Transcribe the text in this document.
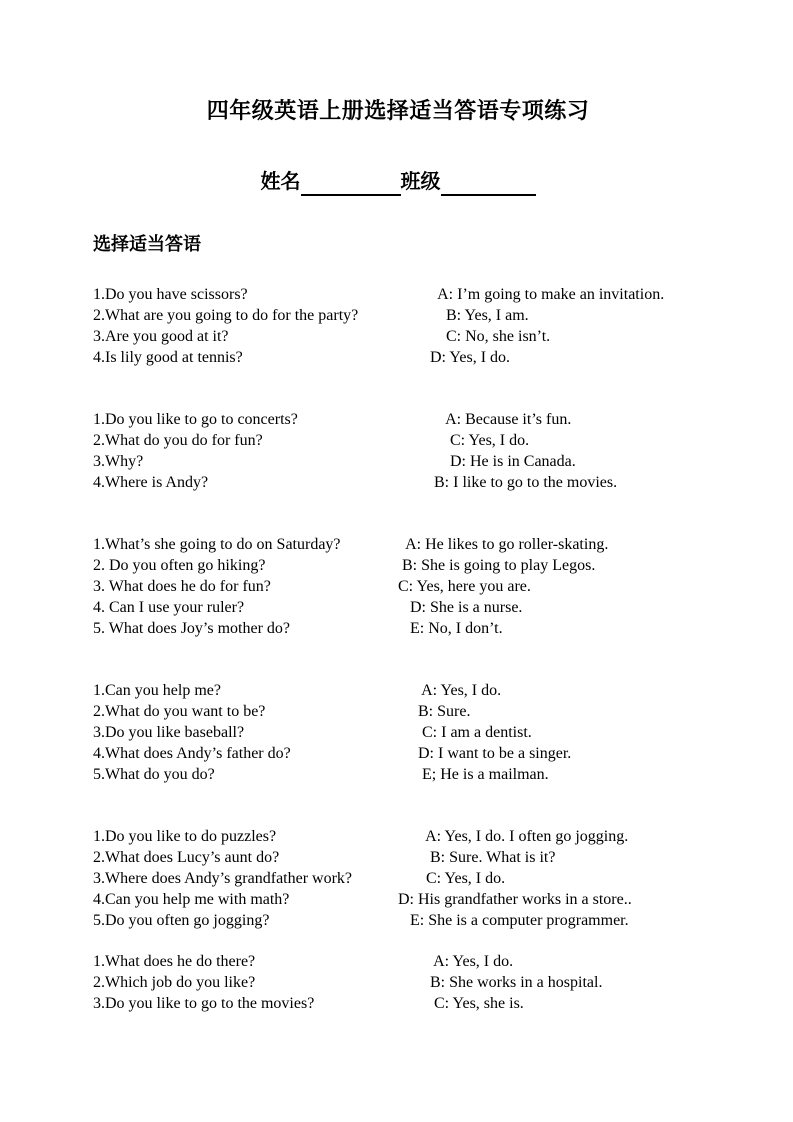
四年级英语上册选择适当答语专项练习
姓名	班级
选择适当答语
1.Do you have scissors?	A: I’m going to make an invitation.
2.What are you going to do for the party?	B: Yes, I am.
3.Are you good at it?	C: No, she isn’t.
4.Is lily good at tennis?	D: Yes, I do.
1.Do you like to go to concerts?	A: Because it’s fun.
2.What do you do for fun?	C: Yes, I do.
3.Why?	D: He is in Canada.
4.Where is Andy?	B: I like to go to the movies.
1.What’s she going to do on Saturday?	A: He likes to go roller-skating.
2. Do you often go hiking?	B: She is going to play Legos.
3. What does he do for fun?	C: Yes, here you are.
4. Can I use your ruler?	D: She is a nurse.
5. What does Joy’s mother do?	E: No, I don’t.
1.Can you help me?	A: Yes, I do.
2.What do you want to be?	B: Sure.
3.Do you like baseball?	C: I am a dentist.
4.What does Andy’s father do?	D: I want to be a singer.
5.What do you do?	E; He is a mailman.
1.Do you like to do puzzles?	A: Yes, I do. I often go jogging.
2.What does Lucy’s aunt do?	B: Sure. What is it?
3.Where does Andy’s grandfather work?	C: Yes, I do.
4.Can you help me with math?	D: His grandfather works in a store..
5.Do you often go jogging?	E: She is a computer programmer.
1.What does he do there?	A: Yes, I do.
2.Which job do you like?	B: She works in a hospital.
3.Do you like to go to the movies?	C: Yes, she is.
